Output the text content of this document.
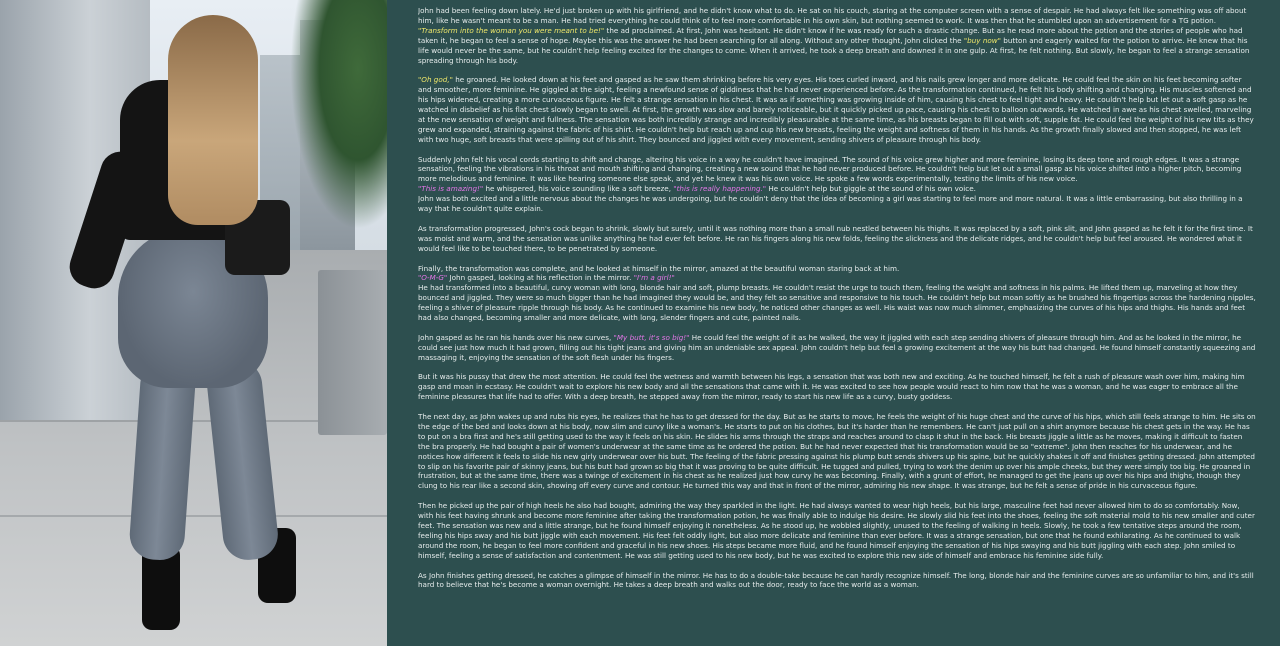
John had been feeling down lately. He'd just broken up with his girlfriend, and he didn't know what to do. He sat on his couch, staring at the computer screen with a sense of despair. He had always felt like something was off about him, like he wasn't meant to be a man. He had tried everything he could think of to feel more comfortable in his own skin, but nothing seemed to work. It was then that he stumbled upon an advertisement for a TG potion. "Transform into the woman you were meant to be!" the ad proclaimed. At first, John was hesitant. He didn't know if he was ready for such a drastic change. But as he read more about the potion and the stories of people who had taken it, he began to feel a sense of hope. Maybe this was the answer he had been searching for all along. Without any other thought, John clicked the "buy now" button and eagerly waited for the potion to arrive. He knew that his life would never be the same, but he couldn't help feeling excited for the changes to come. When it arrived, he took a deep breath and downed it in one gulp. At first, he felt nothing. But slowly, he began to feel a strange sensation spreading through his body.

"Oh god," he groaned. He looked down at his feet and gasped as he saw them shrinking before his very eyes. His toes curled inward, and his nails grew longer and more delicate. He could feel the skin on his feet becoming softer and smoother, more feminine. He giggled at the sight, feeling a newfound sense of giddiness that he had never experienced before. As the transformation continued, he felt his body shifting and changing. His muscles softened and his hips widened, creating a more curvaceous figure. He felt a strange sensation in his chest. It was as if something was growing inside of him, causing his chest to feel tight and heavy. He couldn't help but let out a soft gasp as he watched in disbelief as his flat chest slowly began to swell. At first, the growth was slow and barely noticeable, but it quickly picked up pace, causing his chest to balloon outwards. He watched in awe as his chest swelled, marveling at the new sensation of weight and fullness. The sensation was both incredibly strange and incredibly pleasurable at the same time, as his breasts began to fill out with soft, supple fat. He could feel the weight of his new tits as they grew and expanded, straining against the fabric of his shirt. He couldn't help but reach up and cup his new breasts, feeling the weight and softness of them in his hands. As the growth finally slowed and then stopped, he was left with two huge, soft breasts that were spilling out of his shirt. They bounced and jiggled with every movement, sending shivers of pleasure through his body.

Suddenly John felt his vocal cords starting to shift and change, altering his voice in a way he couldn't have imagined. The sound of his voice grew higher and more feminine, losing its deep tone and rough edges. It was a strange sensation, feeling the vibrations in his throat and mouth shifting and changing, creating a new sound that he had never produced before. He couldn't help but let out a small gasp as his voice shifted into a higher pitch, becoming more melodious and feminine. It was like hearing someone else speak, and yet he knew it was his own voice. He spoke a few words experimentally, testing the limits of his new voice.

"This is amazing!" he whispered, his voice sounding like a soft breeze, "this is really happening." He couldn't help but giggle at the sound of his own voice.

John was both excited and a little nervous about the changes he was undergoing, but he couldn't deny that the idea of becoming a girl was starting to feel more and more natural. It was a little embarrassing, but also thrilling in a way that he couldn't quite explain.

As transformation progressed, John's cock began to shrink, slowly but surely, until it was nothing more than a small nub nestled between his thighs. It was replaced by a soft, pink slit, and John gasped as he felt it for the first time. It was moist and warm, and the sensation was unlike anything he had ever felt before. He ran his fingers along his new folds, feeling the slickness and the delicate ridges, and he couldn't help but feel aroused. He wondered what it would feel like to be touched there, to be penetrated by someone.

Finally, the transformation was complete, and he looked at himself in the mirror, amazed at the beautiful woman staring back at him.

"O-M-G" John gasped, looking at his reflection in the mirror. "I'm a girl!"

He had transformed into a beautiful, curvy woman with long, blonde hair and soft, plump breasts. He couldn't resist the urge to touch them, feeling the weight and softness in his palms. He lifted them up, marveling at how they bounced and jiggled. They were so much bigger than he had imagined they would be, and they felt so sensitive and responsive to his touch. He couldn't help but moan softly as he brushed his fingertips across the hardening nipples, feeling a shiver of pleasure ripple through his body. As he continued to examine his new body, he noticed other changes as well. His waist was now much slimmer, emphasizing the curves of his hips and thighs. His hands and feet had also changed, becoming smaller and more delicate, with long, slender fingers and cute, painted nails.

John gasped as he ran his hands over his new curves, "My butt, it's so big!" He could feel the weight of it as he walked, the way it jiggled with each step sending shivers of pleasure through him. And as he looked in the mirror, he could see just how much it had grown, filling out his tight jeans and giving him an undeniable sex appeal. John couldn't help but feel a growing excitement at the way his butt had changed. He found himself constantly squeezing and massaging it, enjoying the sensation of the soft flesh under his fingers.

But it was his pussy that drew the most attention. He could feel the wetness and warmth between his legs, a sensation that was both new and exciting. As he touched himself, he felt a rush of pleasure wash over him, making him gasp and moan in ecstasy. He couldn't wait to explore his new body and all the sensations that came with it. He was excited to see how people would react to him now that he was a woman, and he was eager to embrace all the feminine pleasures that life had to offer. With a deep breath, he stepped away from the mirror, ready to start his new life as a curvy, busty goddess.

The next day, as John wakes up and rubs his eyes, he realizes that he has to get dressed for the day. But as he starts to move, he feels the weight of his huge chest and the curve of his hips, which still feels strange to him. He sits on the edge of the bed and looks down at his body, now slim and curvy like a woman's. He starts to put on his clothes, but it's harder than he remembers. He can't just pull on a shirt anymore because his chest gets in the way. He has to put on a bra first and he's still getting used to the way it feels on his skin. He slides his arms through the straps and reaches around to clasp it shut in the back. His breasts jiggle a little as he moves, making it difficult to fasten the bra properly. He had bought a pair of women's underwear at the same time as he ordered the potion. But he had never expected that his transformation would be so "extreme". John then reaches for his underwear, and he notices how different it feels to slide his new girly underwear over his butt. The feeling of the fabric pressing against his plump butt sends shivers up his spine, but he quickly shakes it off and finishes getting dressed. John attempted to slip on his favorite pair of skinny jeans, but his butt had grown so big that it was proving to be quite difficult. He tugged and pulled, trying to work the denim up over his ample cheeks, but they were simply too big. He groaned in frustration, but at the same time, there was a twinge of excitement in his chest as he realized just how curvy he was becoming. Finally, with a grunt of effort, he managed to get the jeans up over his hips and thighs, though they clung to his rear like a second skin, showing off every curve and contour. He turned this way and that in front of the mirror, admiring his new shape. It was strange, but he felt a sense of pride in his curvaceous figure.

Then he picked up the pair of high heels he also had bought, admiring the way they sparkled in the light. He had always wanted to wear high heels, but his large, masculine feet had never allowed him to do so comfortably. Now, with his feet having shrunk and become more feminine after taking the transformation potion, he was finally able to indulge his desire. He slowly slid his feet into the shoes, feeling the soft material mold to his new smaller and cuter feet. The sensation was new and a little strange, but he found himself enjoying it nonetheless. As he stood up, he wobbled slightly, unused to the feeling of walking in heels. Slowly, he took a few tentative steps around the room, feeling his hips sway and his butt jiggle with each movement. His feet felt oddly light, but also more delicate and feminine than ever before. It was a strange sensation, but one that he found exhilarating. As he continued to walk around the room, he began to feel more confident and graceful in his new shoes. His steps became more fluid, and he found himself enjoying the sensation of his hips swaying and his butt jiggling with each step. John smiled to himself, feeling a sense of satisfaction and contentment. He was still getting used to his new body, but he was excited to explore this new side of himself and embrace his feminine side fully.

As John finishes getting dressed, he catches a glimpse of himself in the mirror. He has to do a double-take because he can hardly recognize himself. The long, blonde hair and the feminine curves are so unfamiliar to him, and it's still hard to believe that he's become a woman overnight. He takes a deep breath and walks out the door, ready to face the world as a woman.
